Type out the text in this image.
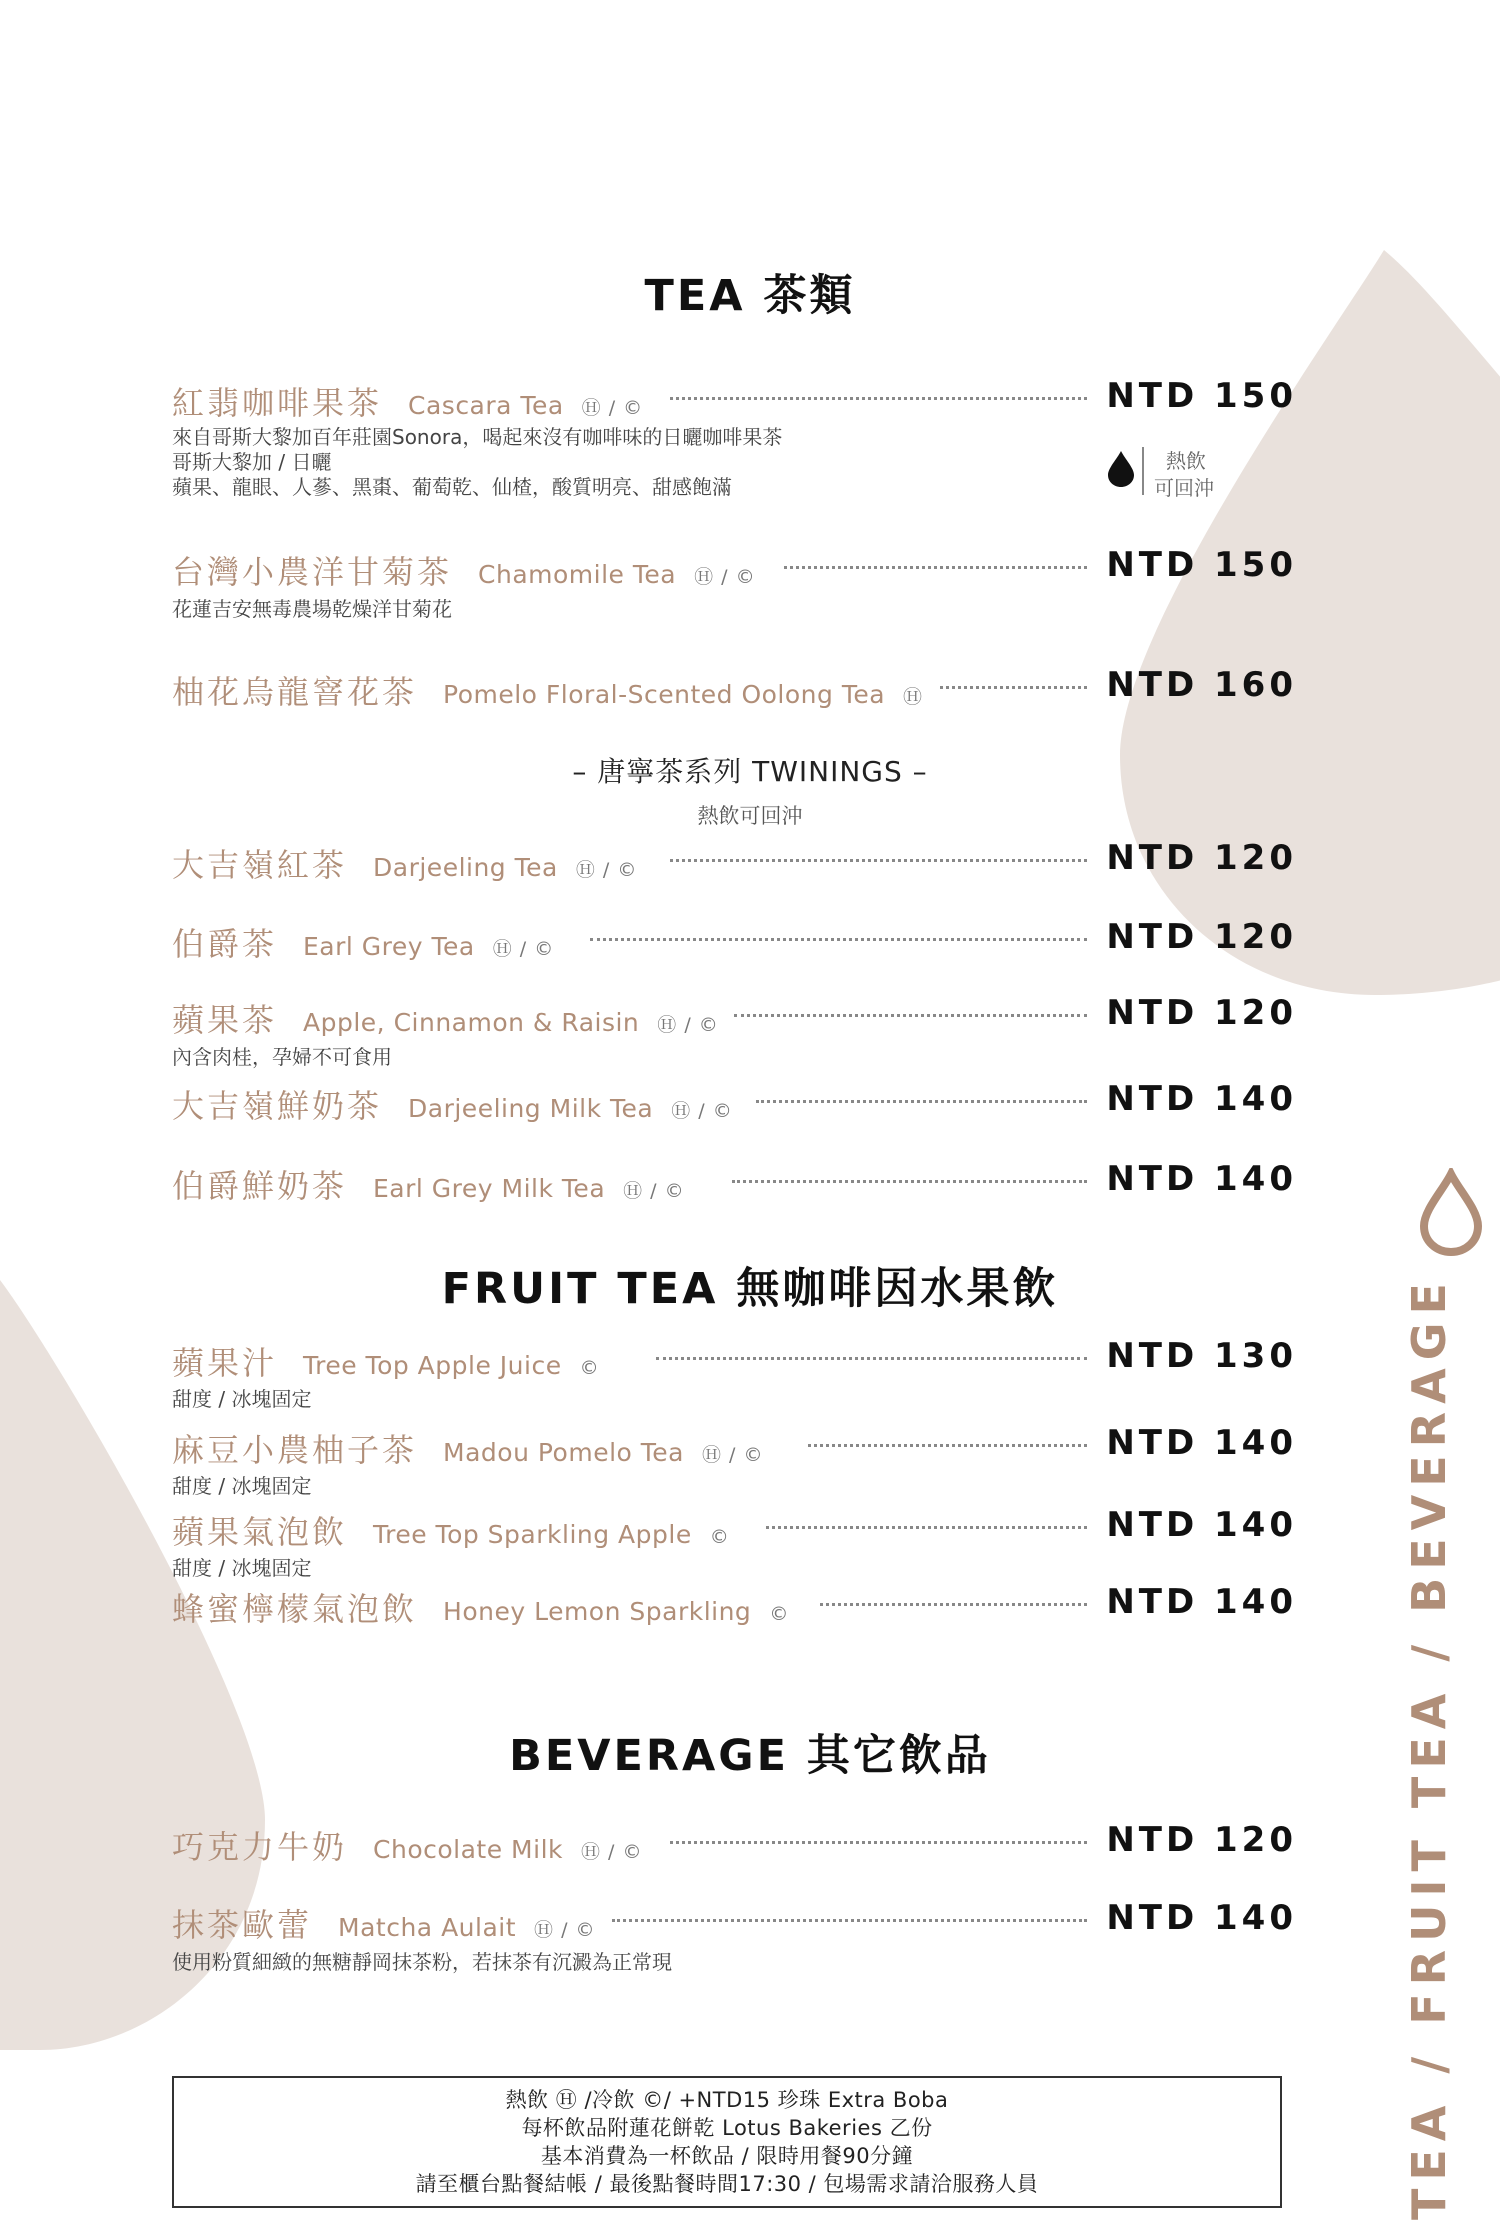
TEA 茶類
紅翡咖啡果茶 Cascara Tea Ⓗ / ©	NTD 150
來自哥斯大黎加百年莊園Sonora，喝起來沒有咖啡味的日曬咖啡果茶
哥斯大黎加 / 日曬
蘋果、龍眼、人蔘、黑棗、葡萄乾、仙楂，酸質明亮、甜感飽滿
熱飲
可回沖
台灣小農洋甘菊茶 Chamomile Tea Ⓗ / ©	NTD 150
花蓮吉安無毒農場乾燥洋甘菊花
柚花烏龍窨花茶 Pomelo Floral-Scented Oolong Tea Ⓗ	NTD 160
– 唐寧茶系列 TWININGS –
熱飲可回沖
大吉嶺紅茶 Darjeeling Tea Ⓗ / ©	NTD 120
伯爵茶 Earl Grey Tea Ⓗ / ©	NTD 120
蘋果茶 Apple, Cinnamon & Raisin Ⓗ / ©	NTD 120
內含肉桂，孕婦不可食用
大吉嶺鮮奶茶 Darjeeling Milk Tea Ⓗ / ©	NTD 140
伯爵鮮奶茶 Earl Grey Milk Tea Ⓗ / ©	NTD 140
FRUIT TEA 無咖啡因水果飲
蘋果汁 Tree Top Apple Juice ©	NTD 130
甜度 / 冰塊固定
麻豆小農柚子茶 Madou Pomelo Tea Ⓗ / ©	NTD 140
甜度 / 冰塊固定
蘋果氣泡飲 Tree Top Sparkling Apple ©	NTD 140
甜度 / 冰塊固定
蜂蜜檸檬氣泡飲 Honey Lemon Sparkling ©	NTD 140
BEVERAGE 其它飲品
巧克力牛奶 Chocolate Milk Ⓗ / ©	NTD 120
抹茶歐蕾 Matcha Aulait Ⓗ / ©	NTD 140
使用粉質細緻的無糖靜岡抹茶粉，若抹茶有沉澱為正常現
熱飲 Ⓗ /冷飲 ©/ +NTD15 珍珠 Extra Boba
每杯飲品附蓮花餅乾 Lotus Bakeries 乙份
基本消費為一杯飲品 / 限時用餐90分鐘
請至櫃台點餐結帳 / 最後點餐時間17:30 / 包場需求請洽服務人員	TEA / FRUIT TEA / BEVERAGE
